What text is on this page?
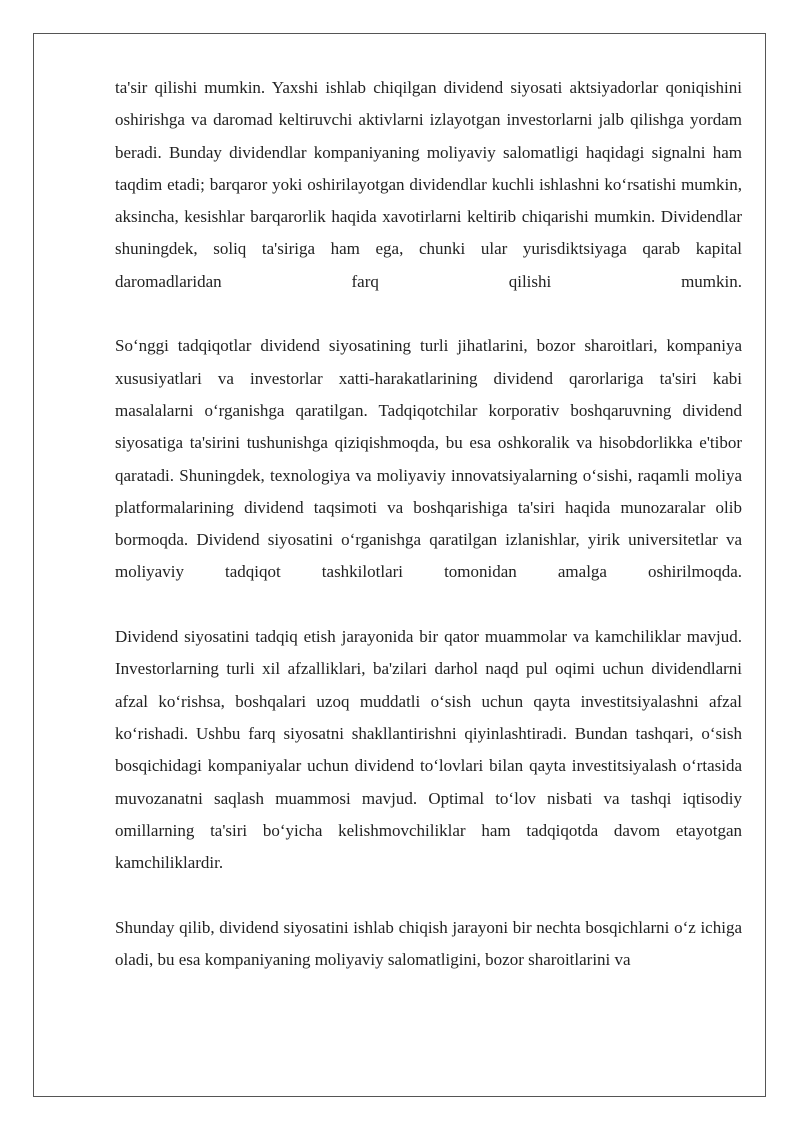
ta'sir qilishi mumkin. Yaxshi ishlab chiqilgan dividend siyosati aktsiyadorlar qoniqishini oshirishga va daromad keltiruvchi aktivlarni izlayotgan investorlarni jalb qilishga yordam beradi. Bunday dividendlar kompaniyaning moliyaviy salomatligi haqidagi signalni ham taqdim etadi; barqaror yoki oshirilayotgan dividendlar kuchli ishlashni ko‘rsatishi mumkin, aksincha, kesishlar barqarorlik haqida xavotirlarni keltirib chiqarishi mumkin. Dividendlar shuningdek, soliq ta'siriga ham ega, chunki ular yurisdiktsiyaga qarab kapital daromadlaridan farq qilishi mumkin.

So‘nggi tadqiqotlar dividend siyosatining turli jihatlarini, bozor sharoitlari, kompaniya xususiyatlari va investorlar xatti-harakatlarining dividend qarorlariga ta'siri kabi masalalarni o‘rganishga qaratilgan. Tadqiqotchilar korporativ boshqaruvning dividend siyosatiga ta'sirini tushunishga qiziqishmoqda, bu esa oshkoralik va hisobdorlikka e'tibor qaratadi. Shuningdek, texnologiya va moliyaviy innovatsiyalarning o‘sishi, raqamli moliya platformalarining dividend taqsimoti va boshqarishiga ta'siri haqida munozaralar olib bormoqda. Dividend siyosatini o‘rganishga qaratilgan izlanishlar, yirik universitetlar va moliyaviy tadqiqot tashkilotlari tomonidan amalga oshirilmoqda.

Dividend siyosatini tadqiq etish jarayonida bir qator muammolar va kamchiliklar mavjud. Investorlarning turli xil afzalliklari, ba'zilari darhol naqd pul oqimi uchun dividendlarni afzal ko‘rishsa, boshqalari uzoq muddatli o‘sish uchun qayta investitsiyalashni afzal ko‘rishadi. Ushbu farq siyosatni shakllantirishni qiyinlashtiradi. Bundan tashqari, o‘sish bosqichidagi kompaniyalar uchun dividend to‘lovlari bilan qayta investitsiyalash o‘rtasida muvozanatni saqlash muammosi mavjud. Optimal to‘lov nisbati va tashqi iqtisodiy omillarning ta'siri bo‘yicha kelishmovchiliklar ham tadqiqotda davom etayotgan kamchiliklardir.

Shunday qilib, dividend siyosatini ishlab chiqish jarayoni bir nechta bosqichlarni o‘z ichiga oladi, bu esa kompaniyaning moliyaviy salomatligini, bozor sharoitlarini va
